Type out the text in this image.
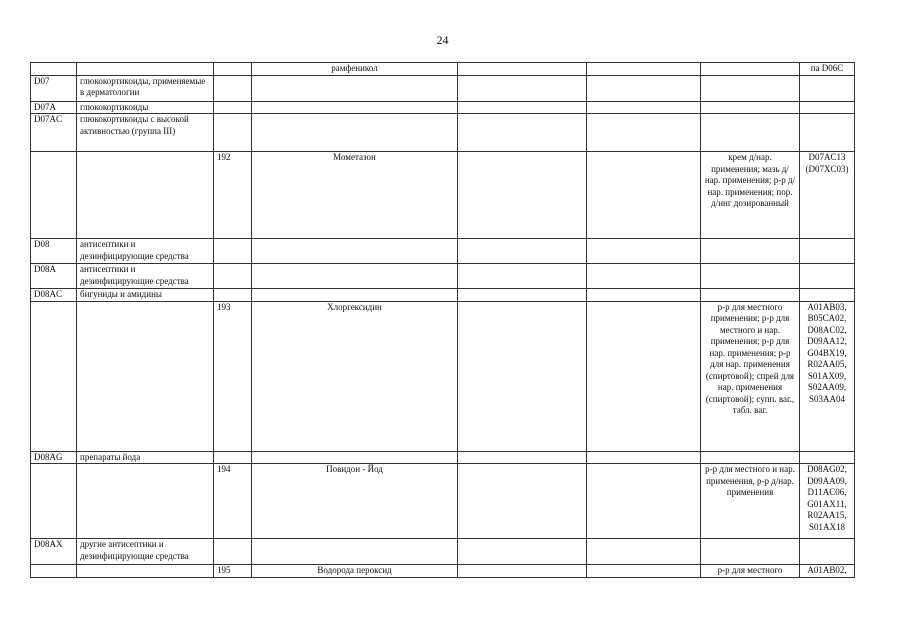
24
			рамфеникол				па D06C
D07	глюкокортикоиды, применяемые в дерматологии						
D07A	глюкокортикоиды						
D07AC	глюкокортикоиды с высокой активностью (группа III)						
		192	Мометазон			крем д/нар. применения; мазь д/нар. применения; р-р д/нар. применения; пор. д/инг дозированный	D07AC13 (D07XC03)
D08	антисептики и дезинфицирующие средства						
D08A	антисептики и дезинфицирующие средства						
D08AC	бигуниды и амидины						
		193	Хлоргексидин			р-р для местного применения; р-р для местного и нар. применения; р-р для нар. применения; р-р для нар. применения (спиртовой); спрей для нар. применения (спиртовой); супп. ваг., табл. ваг.	A01AB03, B05CA02, D08AC02, D09AA12, G04BX19, R02AA05, S01AX09, S02AA09, S03AA04
D08AG	препараты йода						
		194	Повидон - Йод			р-р для местного и нар. применения, р-р д/нар. применения	D08AG02, D09AA09, D11AC06, G01AX11, R02AA15, S01AX18
D08AX	другие антисептики и дезинфицирующие средства						
		195	Водорода пероксид			р-р для местного	A01AB02,
